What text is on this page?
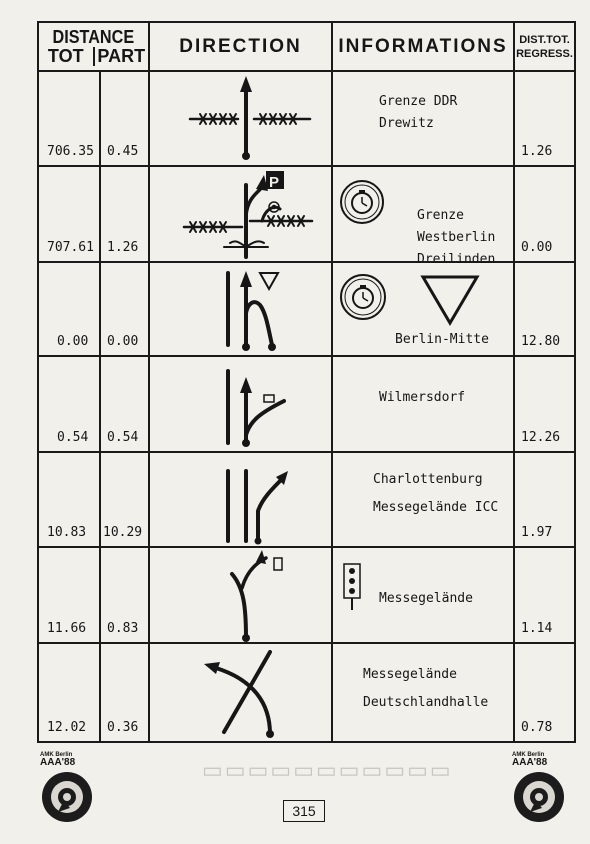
DISTANCE
TOT PART DIRECTION INFORMATIONS DIST.TOT.
REGRESS.
706.35 0.45
Grenze DDR
Drewitz
1.26
707.61 1.26
P
Grenze
Westberlin
Dreilinden
0.00
0.00 0.00	Berlin-Mitte 12.80
0.54 0.54
Wilmersdorf
12.26
10.83 10.29
Charlottenburg
Messegelände ICC
1.97
11.66 0.83
Messegelände
1.14
12.02 0.36
Messegelände
Deutschlandhalle
0.78
▭▭▭▭▭▭▭▭▭▭▭
AMK Berlin
AAA'88
AMK Berlin
AAA'88
315
